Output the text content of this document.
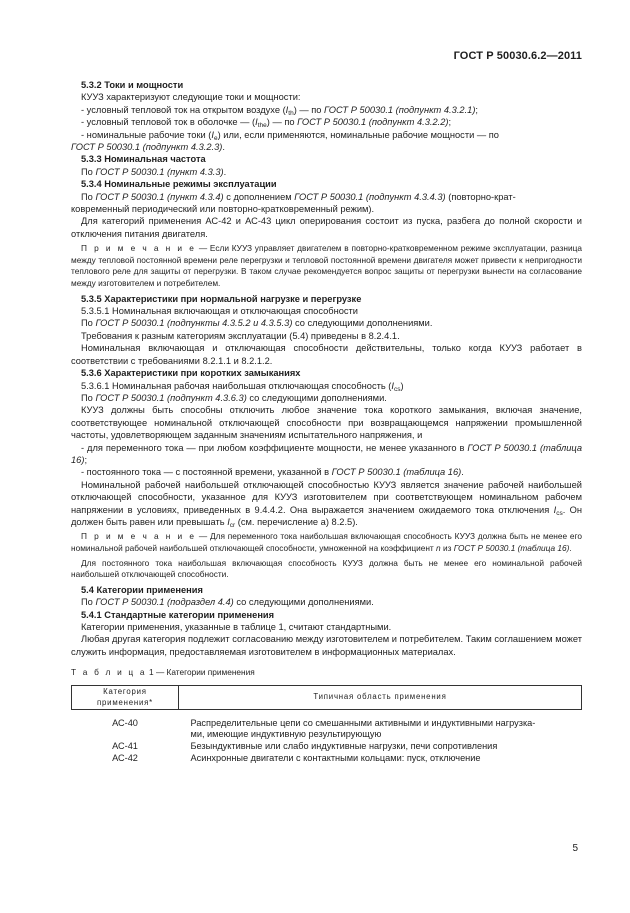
ГОСТ Р 50030.6.2—2011

5.3.2 Токи и мощности

КУУЗ характеризуют следующие токи и мощности:

- условный тепловой ток на открытом воздухе $(I_{th})$ — по ГОСТ Р 50030.1 (подпункт 4.3.2.1);

- условный тепловой ток в оболочке — $(I_{the})$ — по ГОСТ Р 50030.1 (подпункт 4.3.2.2);

- номинальные рабочие токи $(I_e)$ или, если применяются, номинальные рабочие мощности — по
ГОСТ Р 50030.1 (подпункт 4.3.2.3).

5.3.3 Номинальная частота

По ГОСТ Р 50030.1 (пункт 4.3.3).

5.3.4 Номинальные режимы эксплуатации

По ГОСТ Р 50030.1 (пункт 4.3.4) с дополнением ГОСТ Р 50030.1 (подпункт 4.3.4.3) (повторно-крат-
ковременный периодический или повторно-кратковременный режим).

Для категорий применения АС-42 и АС-43 цикл оперирования состоит из пуска, разбега до полной скорости и отключения питания двигателя.

П р и м е ч а н и е — Если КУУЗ управляет двигателем в повторно-кратковременном режиме эксплуатации, разница между тепловой постоянной времени реле перегрузки и тепловой постоянной времени двигателя может привести к непригодности теплового реле для защиты от перегрузки. В таком случае рекомендуется вопрос защиты от перегрузки вынести на согласование между изготовителем и потребителем.

5.3.5 Характеристики при нормальной нагрузке и перегрузке

5.3.5.1 Номинальная включающая и отключающая способности

По ГОСТ Р 50030.1 (подпункты 4.3.5.2 и 4.3.5.3) со следующими дополнениями.

Требования к разным категориям эксплуатации (5.4) приведены в 8.2.4.1.

Номинальная включающая и отключающая способности действительны, только когда КУУЗ работает в соответствии с требованиями 8.2.1.1 и 8.2.1.2.

5.3.6 Характеристики при коротких замыканиях

5.3.6.1 Номинальная рабочая наибольшая отключающая способность $(I_{cs})$

По ГОСТ Р 50030.1 (подпункт 4.3.6.3) со следующими дополнениями.

КУУЗ должны быть способны отключить любое значение тока короткого замыкания, включая значение, соответствующее номинальной отключающей способности при возвращающемся напряжении промышленной частоты, удовлетворяющем заданным значениям испытательного напряжения, и

- для переменного тока — при любом коэффициенте мощности, не менее указанного в ГОСТ Р 50030.1 (таблица 16);

- постоянного тока — с постоянной времени, указанной в ГОСТ Р 50030.1 (таблица 16).

Номинальной рабочей наибольшей отключающей способностью КУУЗ является значение рабочей наибольшей отключающей способности, указанное для КУУЗ изготовителем при соответствующем номинальном рабочем напряжении в условиях, приведенных в 9.4.4.2. Она выражается значением ожидаемого тока отключения $I_{cs}$. Он должен быть равен или превышать $I_{cr}$ (см. перечисление а) 8.2.5).

П р и м е ч а н и е — Для переменного тока наибольшая включающая способность КУУЗ должна быть не менее его номинальной рабочей наибольшей отключающей способности, умноженной на коэффициент n из ГОСТ Р 50030.1 (таблица 16).

Для постоянного тока наибольшая включающая способность КУУЗ должна быть не менее его номинальной рабочей наибольшей отключающей способности.

5.4 Категории применения

По ГОСТ Р 50030.1 (подраздел 4.4) со следующими дополнениями.

5.4.1 Стандартные категории применения

Категории применения, указанные в таблице 1, считают стандартными.

Любая другая категория подлежит согласованию между изготовителем и потребителем. Таким соглашением может служить информация, предоставляемая изготовителем в информационных материалах.

Т а б л и ц а 1 — Категории применения

Категория применения*	Типичная область применения
АС-40	Распределительные цепи со смешанными активными и индуктивными нагрузка-
ми, имеющие индуктивную результирующую
АС-41	Безындуктивные или слабо индуктивные нагрузки, печи сопротивления
АС-42	Асинхронные двигатели с контактными кольцами: пуск, отключение
5
